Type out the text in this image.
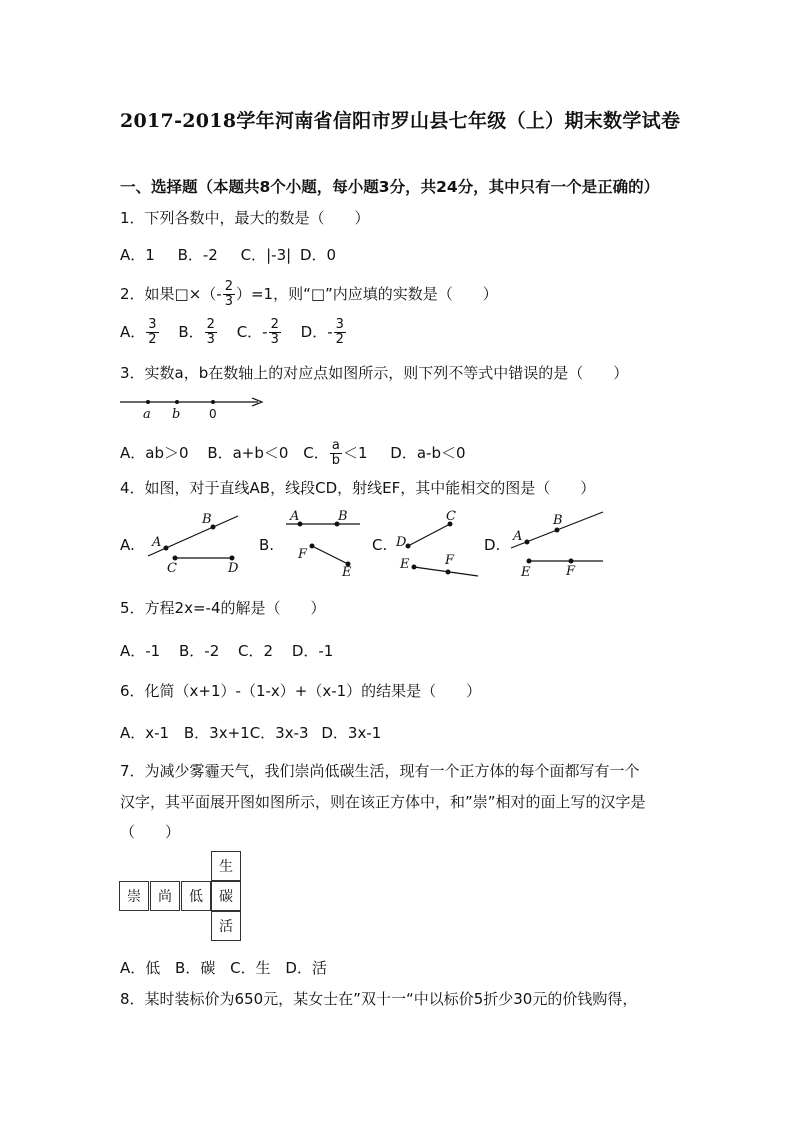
2017-2018学年河南省信阳市罗山县七年级（上）期末数学试卷
一、选择题（本题共8个小题，每小题3分，共24分，其中只有一个是正确的）
1．下列各数中，最大的数是（　　）
A．1 B．-2 C．|-3| D．0
2．如果□×（- $\frac{2}{3} )=1$，则“□”内应填的实数是（　　）
A． $\frac{3}{2}$ B． $\frac{2}{3}$ C．- $\frac{2}{3}$ D．- $\frac{3}{2}$
3．实数a，b在数轴上的对应点如图所示，则下列不等式中错误的是（　　）
a b 0
A．ab＞0 B．a+b＜0 C． $\frac{a}{b} <1$ D．a-b＜0
4．如图，对于直线AB，线段CD，射线EF，其中能相交的图是（　　）
A. A
B
C	D
B.
A	B
F
E
C. D
C
E	F
D. A
B
E	F
5．方程2x=-4的解是（　　）
A．-1 B．-2 C．2 D．-1
6．化简（x+1）-（1-x）+（x-1）的结果是（　　）
A．x-1 B．3x+1C．3x-3 D．3x-1
7．为减少雾霾天气，我们崇尚低碳生活，现有一个正方体的每个面都写有一个
汉字，其平面展开图如图所示，则在该正方体中，和”崇”相对的面上写的汉字是
（　　）
生
崇	尚	低	碳
活
A．低 B．碳 C．生 D．活
8．某时装标价为650元，某女士在”双十一“中以标价5折少30元的价钱购得，
